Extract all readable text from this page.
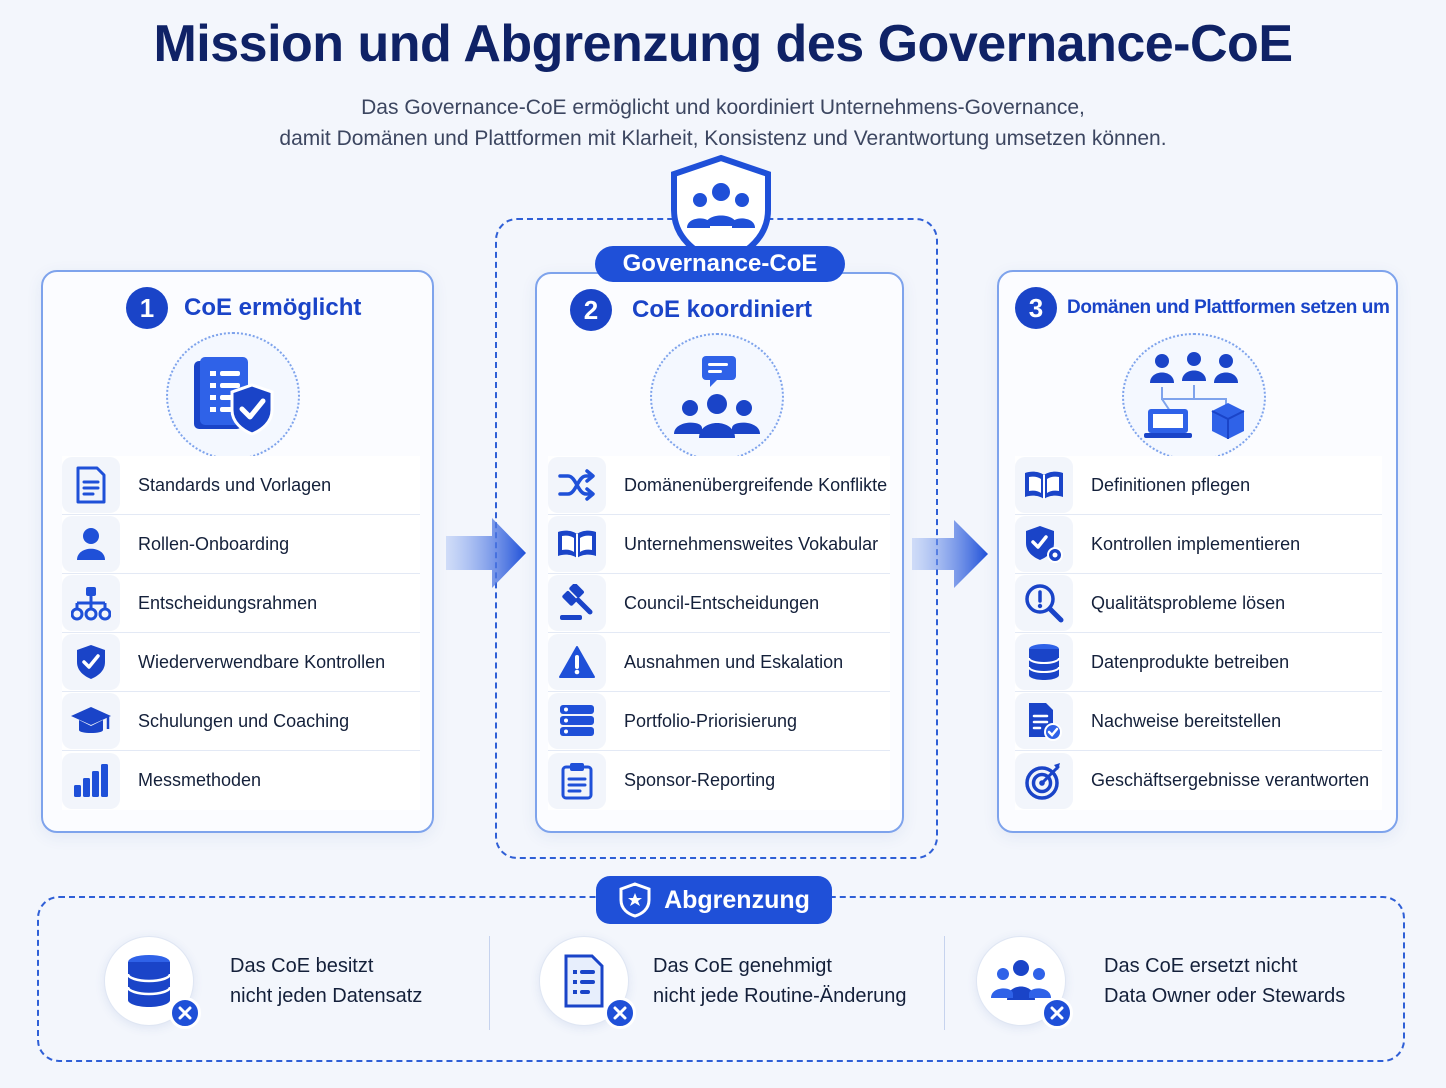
Mission und Abgrenzung des Governance-CoE
Das Governance-CoE ermöglicht und koordiniert Unternehmens-Governance,
damit Domänen und Plattformen mit Klarheit, Konsistenz und Verantwortung umsetzen können.
1	CoE ermöglicht
Standards und Vorlagen
Rollen-Onboarding
Entscheidungsrahmen
Wiederverwendbare Kontrollen
Schulungen und Coaching
Messmethoden
Governance-CoE
2	CoE koordiniert
Domänenübergreifende Konflikte
Unternehmensweites Vokabular
Council-Entscheidungen
Ausnahmen und Eskalation
Portfolio-Priorisierung
Sponsor-Reporting
3	Domänen und Plattformen setzen um
Definitionen pflegen
Kontrollen implementieren
Qualitätsprobleme lösen
Datenprodukte betreiben
Nachweise bereitstellen
Geschäftsergebnisse verantworten
Abgrenzung
Das CoE besitzt
nicht jeden Datensatz
Das CoE genehmigt
nicht jede Routine-Änderung
Das CoE ersetzt nicht
Data Owner oder Stewards
